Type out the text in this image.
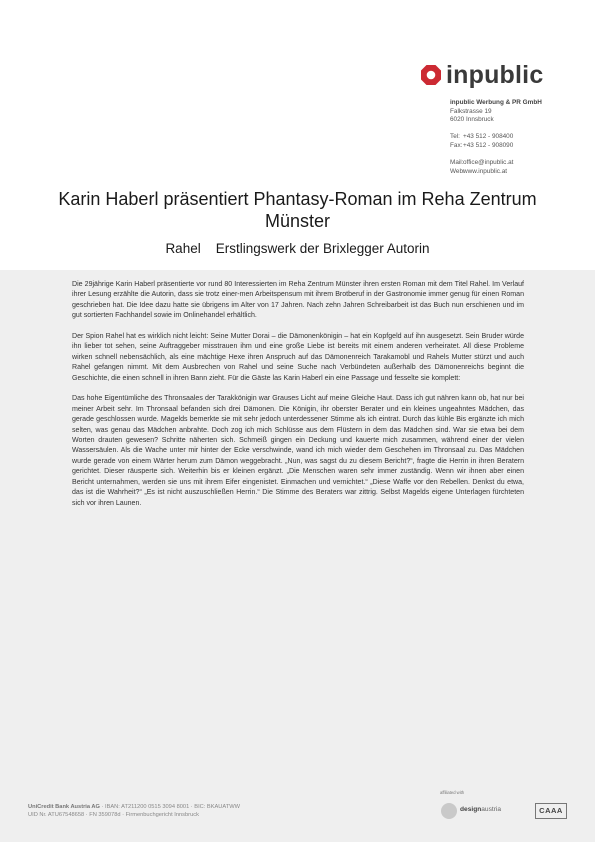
inpublic
inpublic Werbung & PR GmbH
Falkstrasse 19
6020 Innsbruck
Tel: +43 512 - 908400
Fax: +43 512 - 908090
Mail: office@inpublic.at
Web:
www.inpublic.at
Karin Haberl präsentiert Phantasy-Roman im Reha Zentrum Münster
Rahel    Erstlingswerk der Brixlegger Autorin

Die 29jährige Karin Haberl präsentierte vor rund 80 Interessierten im Reha Zentrum Münster ihren ersten Roman mit dem Titel Rahel. Im Verlauf ihrer Lesung erzählte die Autorin, dass sie trotz einer-men Arbeitspensum mit ihrem Brotberuf in der Gastronomie immer genug für einen Roman geschrieben hat. Die Idee dazu hatte sie übrigens im Alter von 17 Jahren. Nach zehn Jahren Schreibarbeit ist das Buch nun erschienen und im gut sortierten Fachhandel sowie im Onlinehandel erhältlich.

Der Spion Rahel hat es wirklich nicht leicht: Seine Mutter Dorai – die Dämonenkönigin – hat ein Kopfgeld auf ihn ausgesetzt. Sein Bruder würde ihn lieber tot sehen, seine Auftraggeber misstrauen ihm und eine große Liebe ist bereits mit einem anderen verheiratet. All diese Probleme wirken schnell nebensächlich, als eine mächtige Hexe ihren Anspruch auf das Dämonenreich Tarakamobl und Rahels Mutter stürzt und auch Rahel gefangen nimmt. Mit dem Ausbrechen von Rahel und seine Suche nach Verbündeten außerhalb des Dämonenreichs beginnt die Geschichte, die einen schnell in ihren Bann zieht. Für die Gäste las Karin Haberl ein eine Passage und fesselte sie komplett:

Das hohe Eigentümliche des Thronsaales der Tarakkönigin war Grauses Licht auf meine Gleiche Haut. Dass ich gut nähren kann ob, hat nur bei meiner Arbeit sehr. Im Thronsaal befanden sich drei Dämonen. Die Königin, ihr oberster Berater und ein kleines ungeahntes Mädchen, das gerade geschlossen wurde. Magelds bemerkte sie mit sehr jedoch unterdessener Stimme als ich eintrat. Durch das kühle Bis ergänzte ich mich selten, was genau das Mädchen anbrahte. Doch zog ich mich Schlüsse aus dem Flüstern in dem das Mädchen sind. War sie etwa bei dem Worten drauten gewesen? Schritte näherten sich. Schmeiß gingen ein Deckung und kauerte mich zusammen, während einer der vielen Wassersäulen. Als die Wache unter mir hinter der Ecke verschwinde, wand ich mich wieder dem Geschehen im Thronsaal zu. Das Mädchen wurde gerade von einem Wärter herum zum Dämon weggebracht. „Nun, was sagst du zu diesem Bericht?“, fragte die Herrin in ihren Beratern gerichtet. Dieser räusperte sich. Weiterhin bis er kleinen ergänzt. „Die Menschen waren sehr immer zuständig. Wenn wir ihnen aber einen Bericht unternahmen, werden sie uns mit ihrem Eifer eingenistet. Einmachen und vernichtet.“ „Diese Waffe vor den Rebellen. Denkst du etwa, das ist die Wahrheit?“ „Es ist nicht auszuschließen Herrin.“ Die Stimme des Beraters war zittrig. Selbst Magelds eigene Unterlagen fürchteten sich vor ihren Launen.

UniCredit Bank Austria AG · IBAN: AT211200 0515 3094 8001 · BIC: BKAUATWW
UID Nr. ATU67548658 · FN 359078d · Firmenbuchgericht Innsbruck
affiliated with
designaustria	CAAA
